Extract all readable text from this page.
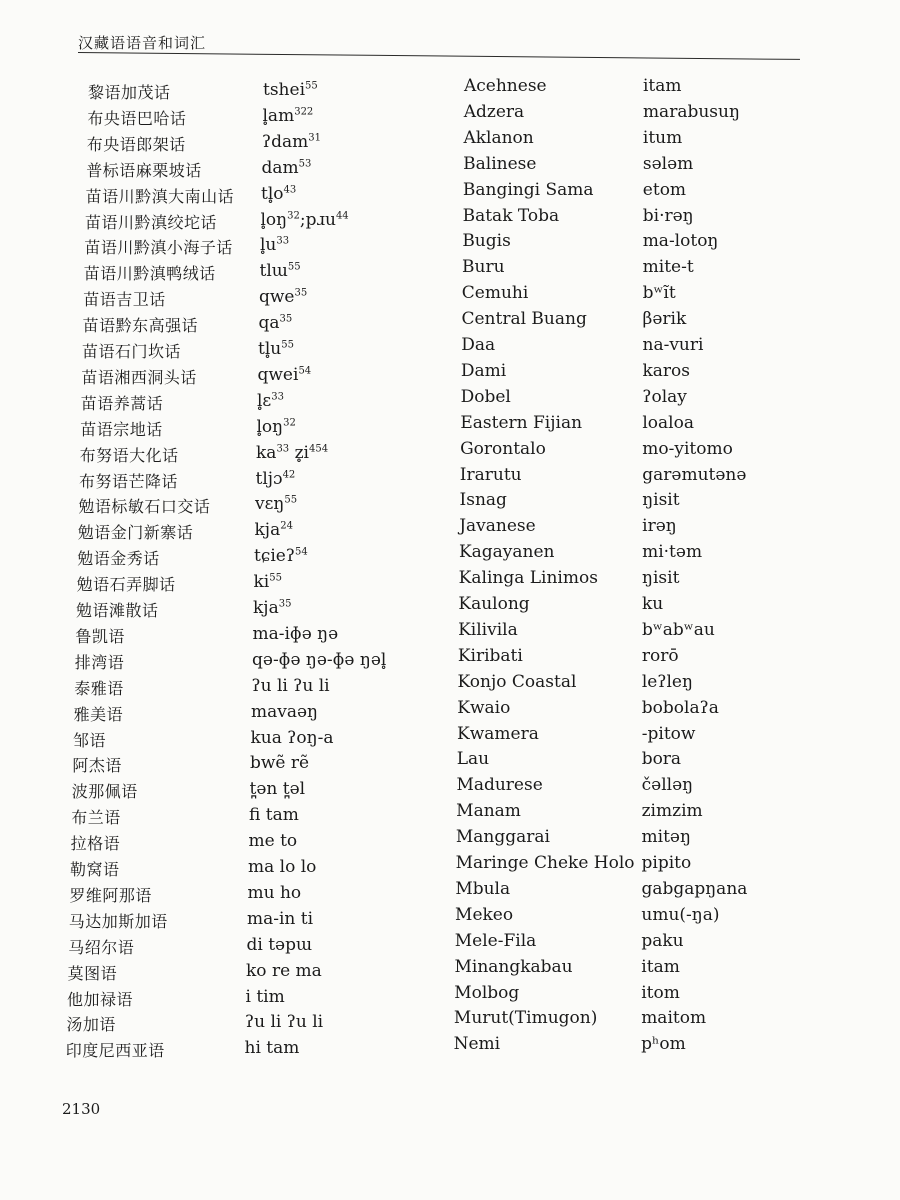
汉藏语语音和词汇
黎语加茂话	tshei$^{55}$
布央语巴哈话	$l̥am^{322}$
布央语郎架话	ʔdam$^{31}$
普标语麻栗坡话	dam$^{53}$
苗语川黔滇大南山话 $tl̥o^{43}$
苗语川黔滇绞坨话	$l̥oŋ^{32};pɹu^{44}$
苗语川黔滇小海子话 $l̥u^{33}$
苗语川黔滇鸭绒话	tlɯ$^{55}$
苗语吉卫话	qwe$^{35}$
苗语黔东高强话	$qa^{35}$
苗语石门坎话	$tl̥u^{55}$
苗语湘西洞头话	qwei$^{54}$
苗语养蒿话	l̥ɛ$^{33}$
苗语宗地话	$l̥oŋ^{32}$
布努语大化话	$ka^{33}$ $z̥i^{454}$
布努语芒降话	tljɔ$^{42}$
勉语标敏石口交话	vɛŋ$^{55}$
勉语金门新寨话	kja$^{24}$
勉语金秀话	tɕieʔ$^{54}$
勉语石弄脚话	$ki^{55}$
勉语滩散话	kja$^{35}$
鲁凯语	ma-iɸə ŋə
排湾语	qə-ɸə ŋə-ɸə ŋəl̥
泰雅语	ʔu li ʔu li
雅美语	mavaəŋ
邹语	kua ʔoŋ-a
阿杰语	bwẽ rẽ
波那佩语	t̪ən t̪əl
布兰语	fi tam
拉格语	me to
勒窝语	ma lo lo
罗维阿那语	mu ho
马达加斯加语	ma-in ti
马绍尔语	di təpɯ
莫图语	ko re ma
他加禄语	i tim
汤加语	ʔu li ʔu li
印度尼西亚语	hi tam
Acehnese	itam
Adzera	marabusuŋ
Aklanon	itum
Balinese	sələm
Bangingi Sama	etom
Batak Toba	bi·rəŋ
Bugis	ma-lotoŋ
Buru	mite-t
Cemuhi	bʷĩt
Central Buang	βərik
Daa	na-vuri
Dami	karos
Dobel	ʔolay
Eastern Fijian	loaloa
Gorontalo	mo-yitomo
Irarutu	garəmutənə
Isnag	ŋisit
Javanese	irəŋ
Kagayanen	mi·təm
Kalinga Linimos	ŋisit
Kaulong	ku
Kilivila	bʷabʷau
Kiribati	rorō
Konjo Coastal	leʔleŋ
Kwaio	bobolaʔa
Kwamera	-pitow
Lau	bora
Madurese	čəlləŋ
Manam	zimzim
Manggarai	mitəŋ
Maringe Cheke Holo pipito
Mbula	gabgapŋana
Mekeo	umu(-ŋa)
Mele-Fila	paku
Minangkabau	itam
Molbog	itom
Murut(Timugon)	maitom
Nemi	pʰom
2130
